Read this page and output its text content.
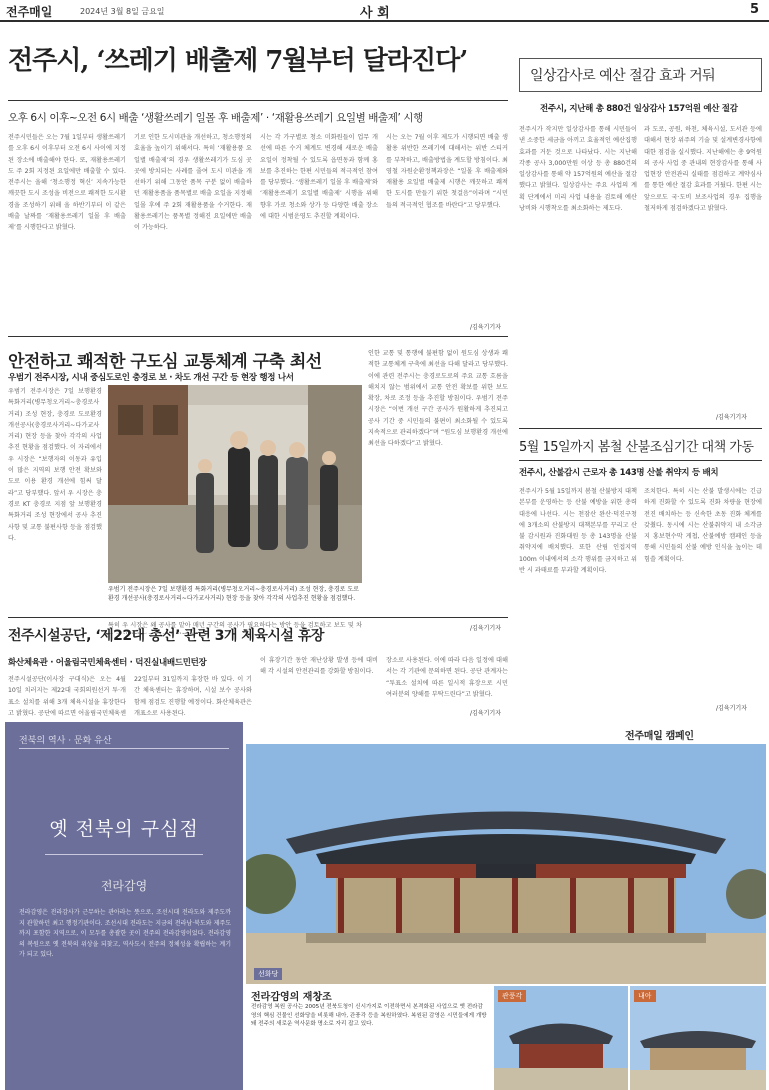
전주매일	2024년 3월 8일 금요일	사 회	5
전주시, ‘쓰레기 배출제 7월부터 달라진다’
오후 6시 이후~오전 6시 배출 ‘생활쓰레기 일몰 후 배출제’ · ‘재활용쓰레기 요일별 배출제’ 시행
전주시민들은 오는 7월 1일부터 생활쓰레기를 오후 6시 이후부터 오전 6시 사이에 지정된 장소에 배출해야 한다. 또, 재활용쓰레기도 주 2회 지정된 요일에만 배출할 수 있다. 전주시는 올해 ‘청소행정 혁신’ 지속가능한 깨끗한 도시 조성을 비전으로 쾌적한 도시환경을 조성하기 위해 올 하반기부터 이 같은 배출 날짜를 ‘재활용쓰레기 일몰 후 배출제’를 시행한다고 밝혔다.
기로 인한 도시미관을 개선하고, 청소행정의 효율을 높이기 위해서다. 특히 ‘재활용품 요일별 배출제’의 경우 생활쓰레기가 도심 곳곳에 방치되는 사례를 줄여 도시 미관을 개선하기 위해 그동안 품목 구분 없이 배출하던 재활용품을 품목별로 배출 요일을 지정해 일몰 후에 주 2회 재활용품을 수거한다. 재활용쓰레기는 품목별 정해진 요일에만 배출이 가능하다.
시는 각 가구별로 청소 미화원들이 업무 개선에 따른 수거 체계도 변경해 새로운 배출 요일이 정착될 수 있도록 읍면동과 함께 홍보를 추진하는 한편 시민들의 적극적인 참여를 당부했다. ‘생활쓰레기 일몰 후 배출제’와 ‘재활용쓰레기 요일별 배출제’ 시행을 위해 향후 가로 청소와 상가 등 다양한 배출 장소에 대한 시범운영도 추진할 계획이다.
시는 오는 7월 이후 제도가 시행되면 배출 생활용 위반한 쓰레기에 대해서는 위반 스티커를 부착하고, 배출방법을 계도할 방침이다. 최영철 자원순환정책과장은 “일몰 후 배출제와 재활용 요일별 배출제 시행은 깨끗하고 쾌적한 도시를 만들기 위한 첫걸음”이라며 “시민들의 적극적인 협조를 바란다”고 당부했다.
/김육기기자
일상감사로 예산 절감 효과 거둬
전주시, 지난해 총 880건 일상감사 157억원 예산 절감
전주시가 작지만 일상감사를 통해 시민들이 낸 소중한 세금을 아끼고 효율적인 예산집행 효과를 거둔 것으로 나타났다. 시는 지난해 각종 공사 3,000만원 이상 등 총 880건의 일상감사를 통해 약 157억원의 예산을 절감했다고 밝혔다. 일상감사는 주요 사업의 계획 단계에서 미리 사업 내용을 검토해 예산 낭비와 시행착오를 최소화하는 제도다.
과 도로, 공원, 하천, 체육시설, 도서관 등에 대해서 현장 위주의 기술 및 설계변경사항에 대한 점검을 실시했다. 지난해에는 총 9억원의 공사 사업 중 관내의 현장감사를 통해 사업현장 안전관리 실태를 점검하고 계약심사를 통한 예산 절감 효과를 거뒀다. 한편 시는 앞으로도 국·도비 보조사업의 경우 집행을 철저하게 점검하겠다고 밝혔다.
/김육기기자
안전하고 쾌적한 구도심 교통체계 구축 최선
우범기 전주시장, 시내 중심도로인 충경로 보 · 차도 개선 구간 등 현장 행정 나서
우범기 전주시장은 7일 보행환경 특화거리(병무청오거리~충경로사거리) 조성 현장, 충경로 도로환경 개선공사(충경로사거리~다가교사거리) 현장 등을 찾아 각각의 사업추진 현황을 점검했다. 이 자리에서 우 시장은 “보행자의 이동과 유입이 많은 지역의 보행 안전 확보와 도로 이용 환경 개선에 힘써 달라”고 당부했다. 앞서 우 시장은 충경로 KT 충경로 지점 앞 보행환경 특화거리 조성 현장에서 공사 추진사항 및 교통 불편사항 등을 점검했다.
우범기 전주시장은 7일 보행환경 특화거리(병무청오거리~충경로사거리) 조성 현장, 충경로 도로환경 개선공사(충경로사거리~다가교사거리) 현장 등을 찾아 각각의 사업추진 현황을 점검했다.
특히 우 시장은 왜 공사를 맡아 매년 구간의 공사가 필요하다는 방안 등을 검토하고 보도 및 차
인한 교통 및 통행에 불편함 없이 원도심 상생과 쾌적한 교통체계 구축에 최선을 다해 달라고 당부했다. 이에 관련 전주시는 충경로도로의 주요 교통 흐름을 해치지 않는 범위에서 교통 안전 확보를 위한 보도 확장, 차로 조정 등을 추진할 방침이다. 우범기 전주시장은 “이번 개선 구간 공사가 원활하게 추진되고 공사 기간 중 시민들의 불편이 최소화될 수 있도록 지속적으로 관리하겠다”며 “원도심 보행환경 개선에 최선을 다하겠다”고 밝혔다.
/김육기기자
5월 15일까지 봄철 산불조심기간 대책 가동
전주시, 산불감시 근로자 총 143명 산불 취약지 등 배치
전주시가 5월 15일까지 봄철 산불방지 대책본부를 운영하는 등 산불 예방을 위한 총력대응에 나선다. 시는 천잠산 완산·덕진구청에 3개소의 산불방지 대책본부를 꾸리고 산불 감시원과 진화대원 등 총 143명을 산불 취약지에 배치했다. 또한 산림 인접지역 100m 이내에서의 소각 행위를 금지하고 위반 시 과태료를 부과할 계획이다.
조치한다. 특히 시는 산불 발생시에는 긴급하게 진화할 수 있도록 진화 차량을 현장에 전진 배치하는 등 신속한 초동 진화 체계를 갖췄다. 동시에 시는 산불취약지 내 소각금지 홍보현수막 게첩, 산불예방 캠페인 등을 통해 시민들의 산불 예방 인식을 높이는 데 힘쓸 계획이다.
/김육기기자
전주시설공단, ‘제22대 총선’ 관련 3개 체육시설 휴장
화산체육관 · 어울림국민체육센터 · 덕진실내배드민턴장
전주시설공단(이사장 구대식)은 오는 4월 10일 치러지는 제22대 국회의원선거 투·개표소 설치를 위해 3개 체육시설을 휴장한다고 밝혔다. 공단에 따르면 어울림국민체육센
22일부터 31일까지 휴장한 바 있다. 이 기간 체육센터는 휴장하며, 시설 보수 공사와 함께 점검도 진행할 예정이다. 화산체육관은 개표소로 사용된다.
이 휴장기간 동안 재난상황 발생 등에 대비해 각 시설의 안전관리를 강화할 방침이다.
장소로 사용된다. 이에 따라 다음 일정에 대해서는 각 기관에 문의하면 된다. 공단 관계자는 “투표소 설치에 따른 일시적 휴장으로 시민 여러분의 양해를 부탁드린다”고 밝혔다.
/김육기기자
전북의 역사 · 문화 유산
옛 전북의 구심점
전라감영
전라감영은 전라감사가 근무하는 관아라는 뜻으로, 조선시대 전라도와 제주도까지 관할하던 최고 행정기관이다. 조선시대 전라도는 지금의 전라남·북도와 제주도까지 포함한 지역으로, 이 모두를 총괄한 곳이 전주의 전라감영이었다. 전라감영의 복원으로 옛 전북의 위상을 되찾고, 역사도시 전주의 정체성을 확립하는 계기가 되고 있다.
전주매일 캠페인
선화당
전라감영의 재창조
전라감영 복원 공사는 2005년 전북도청이 신시가지로 이전하면서 본격화된 사업으로 옛 전라감영의 핵심 건물인 선화당을 비롯해 내아, 관풍각 등을 복원하였다. 복원된 감영은 시민들에게 개방돼 전주의 새로운 역사문화 명소로 자리 잡고 있다.
관풍각	내아
